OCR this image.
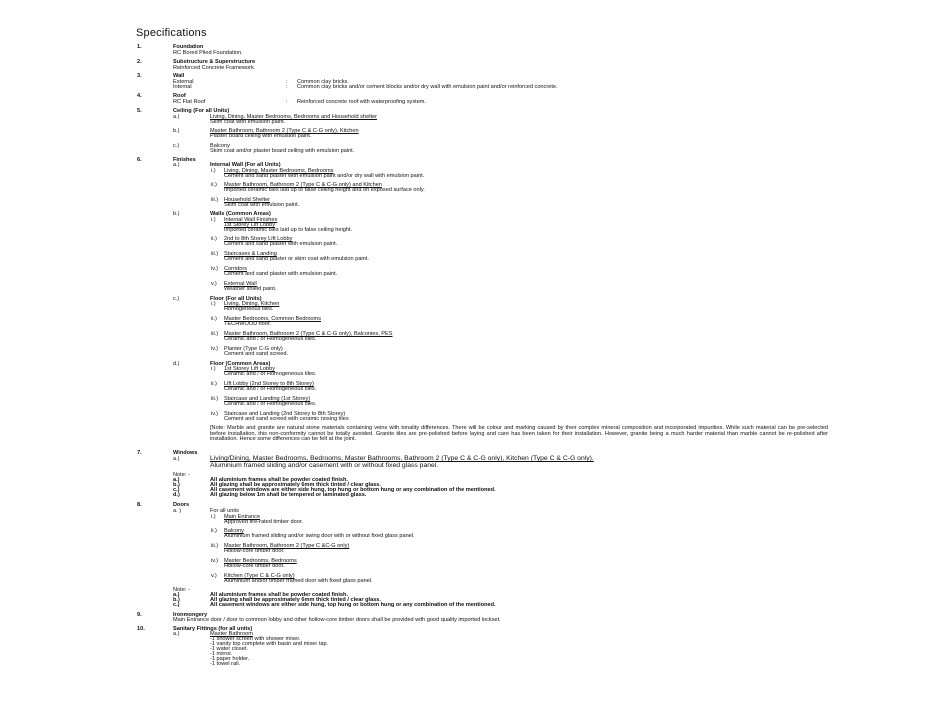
Specifications
1.	Foundation
RC Bored Piled Foundation.
2.	Substructure & Superstructure
Reinforced Concrete Framework.
3.	Wall
External	: Common clay bricks.
Internal	: Common clay bricks and/or cement blocks and/or dry wall with emulsion paint and/or reinforced concrete.
4.	Roof
RC Flat Roof	: Reinforced concrete roof with waterproofing system.
5.	Ceiling (For all Units)
a.)	Living, Dining, Master Bedrooms, Bedrooms and Household shelter
Skim coat with emulsion paint.
b.)	Master Bathroom, Bathroom 2 (Type C & C-G only), Kitchen
Plaster board ceiling with emulsion paint.
c.)	Balcony
Skim coat and/or plaster board ceiling with emulsion paint.
6.	Finishes
a.)	Internal Wall (For all Units)
i.) Living, Dining, Master Bedrooms, Bedrooms
Cement and sand plaster with emulsion paint and/or dry wall with emulsion paint.
ii.) Master Bathroom, Bathroom 2 (Type C & C-G only) and Kitchen
Imported ceramic tiles laid up to false ceiling height and on exposed surface only.
iii.) Household Shelter
Skim coat with emulsion paint.
b.)	Walls (Common Areas)
i.) Internal Wall Finishes
1st Storey Lift Lobby
Imported ceramic tiles laid up to false ceiling height.
ii.) 2nd to 8th Storey Lift Lobby
Cement and sand plaster with emulsion paint.
iii.) Staircases & Landing
Cement and sand plaster or skim coat with emulsion paint.
iv.) Corridors
Cement and sand plaster with emulsion paint.
v.) External Wall
Weather shield paint.
c.)	Floor (For all Units)
i.) Living, Dining, Kitchen
Homogeneous tiles.
ii.) Master Bedrooms, Common Bedrooms
TECHWOOD floor.
iii.) Master Bathroom, Bathroom 2 (Type C & C-G only), Balconies, PES
Ceramic and / or Homogeneous tiles.
iv.) Planter (Type C-G only)
Cement and sand screed.
d.)	Floor (Common Areas)
i.) 1st Storey Lift Lobby
Ceramic and / or Homogeneous tiles.
ii.) Lift Lobby (2nd Storey to 8th Storey)
Ceramic and / or Homogeneous tiles.
iii.) Staircase and Landing (1st Storey)
Ceramic and / or Homogeneous tiles.
iv.) Staircase and Landing (2nd Storey to 8th Storey)
Cement and sand screed with ceramic nosing tiles
[Note: Marble and granite are natural stone materials containing veins with tonality differences. There will be colour and marking caused by their complex mineral composition and incorporated impurities. While such material can be pre-selected before installation, this non-conformity cannot be totally avoided. Granite tiles are pre-polished before laying and care has been taken for their installation. However, granite being a much harder material than marble cannot be re-polished after installation. Hence some differences can be felt at the joint.
7.	Windows
a.)	Living/Dining, Master Bedrooms, Bedrooms, Master Bathrooms, Bathroom 2 (Type C & C-G only), Kitchen (Type C & C-G only).
Aluminium framed sliding and/or casement with or without fixed glass panel.
Note: -
a.)	All aluminium frames shall be powder coated finish.
b.)	All glazing shall be approximately 6mm thick tinted / clear glass.
c.)	All casement windows are either side hung, top hung or bottom hung or any combination of the mentioned.
d.)	All glazing below 1m shall be tempered or laminated glass.
8.	Doors
a. )	For all units
i.) Main Entrance
Approved fire-rated timber door.
ii.) Balcony
Aluminium framed sliding and/or swing door with or without fixed glass panel.
iii.) Master Bathroom, Bathroom 2 (Type C &C-G only)
Hollow-core timber door.
iv.) Master Bedrooms, Bedrooms
Hollow-core timber door.
v.) Kitchen (Type C & C-G only)
Aluminium and/or timber framed door with fixed glass panel.
Note: -
a.)	All aluminium frames shall be powder coated finish.
b.)	All glazing shall be approximately 6mm thick tinted / clear glass.
c.)	All casement windows are either side hung, top hung or bottom hung or any combination of the mentioned.
9.	Ironmongery
Main Entrance door / door to common lobby and other hollow-core timber doors shall be provided with good quality imported lockset.
10.	Sanitary Fittings (for all units)
a.)	Master Bathroom
-1 shower screen with shower mixer.
-1 vanity top complete with basin and mixer tap.
-1 water closet.
-1 mirror.
-1 paper holder.
-1 towel rail.
